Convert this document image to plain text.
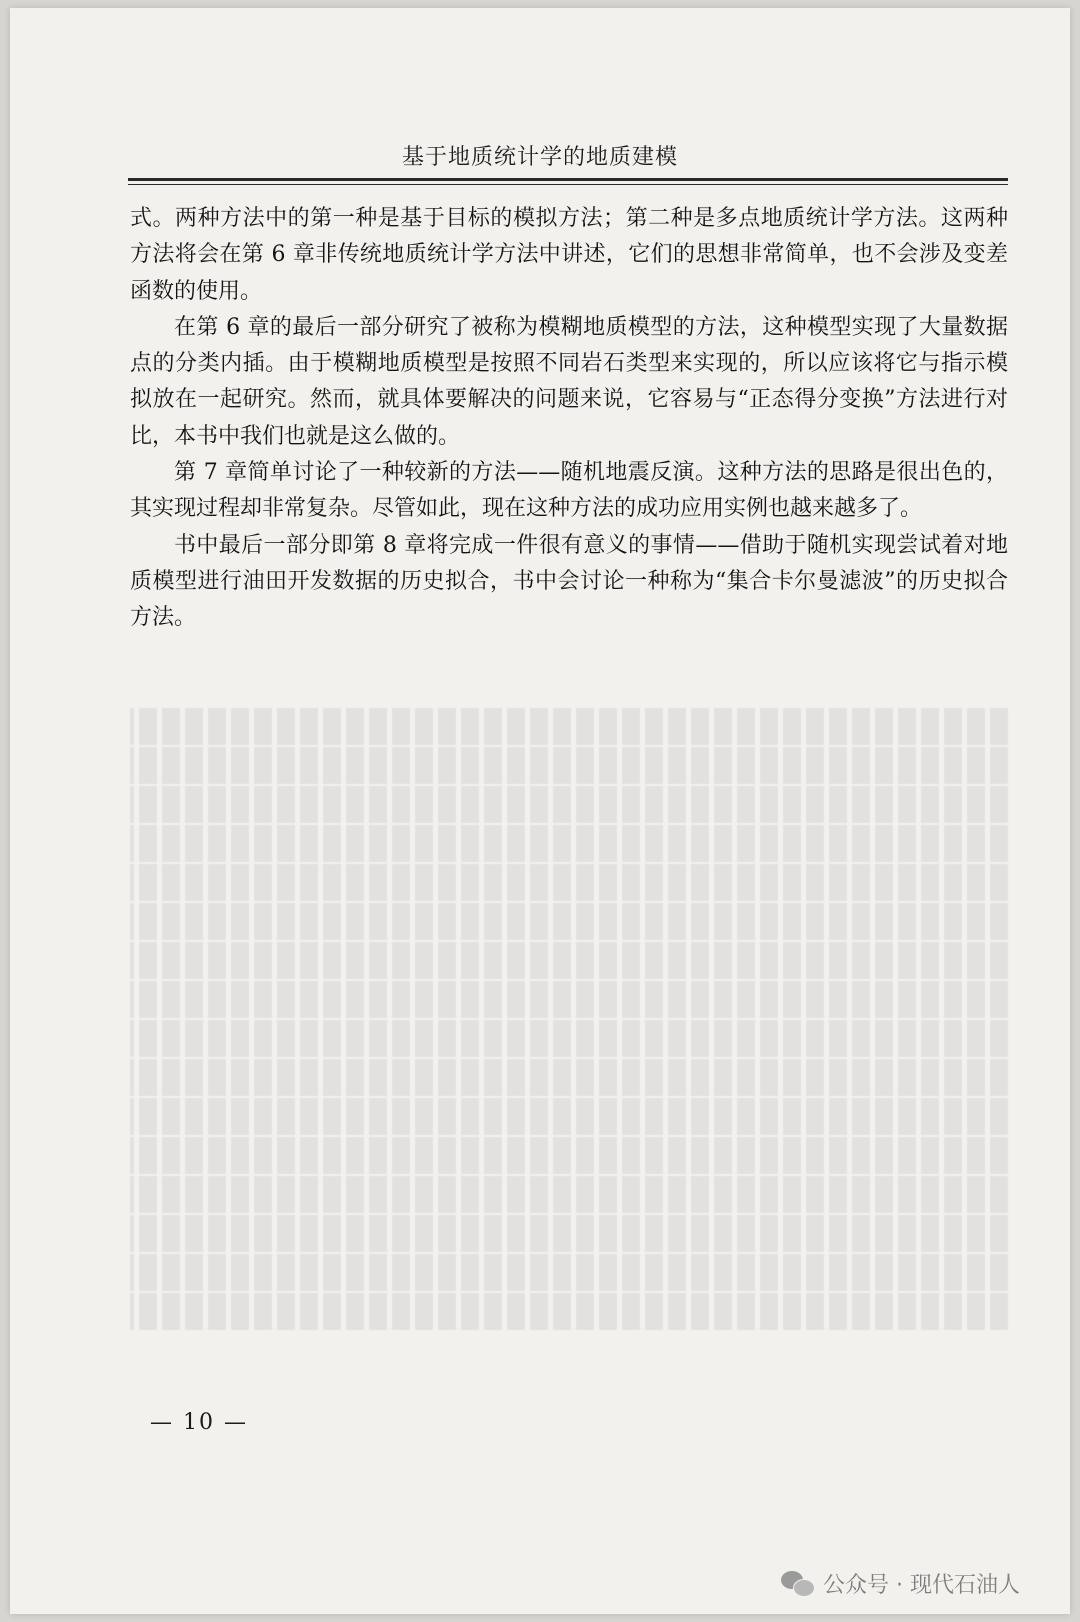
基于地质统计学的地质建模

式。两种方法中的第一种是基于目标的模拟方法；第二种是多点地质统计学方法。这两种方法将会在第 6 章非传统地质统计学方法中讲述，它们的思想非常简单，也不会涉及变差函数的使用。

在第 6 章的最后一部分研究了被称为模糊地质模型的方法，这种模型实现了大量数据点的分类内插。由于模糊地质模型是按照不同岩石类型来实现的，所以应该将它与指示模拟放在一起研究。然而，就具体要解决的问题来说，它容易与“正态得分变换”方法进行对比，本书中我们也就是这么做的。

第 7 章简单讨论了一种较新的方法——随机地震反演。这种方法的思路是很出色的，其实现过程却非常复杂。尽管如此，现在这种方法的成功应用实例也越来越多了。

书中最后一部分即第 8 章将完成一件很有意义的事情——借助于随机实现尝试着对地质模型进行油田开发数据的历史拟合，书中会讨论一种称为“集合卡尔曼滤波”的历史拟合方法。

— 10 —
公众号 · 现代石油人
